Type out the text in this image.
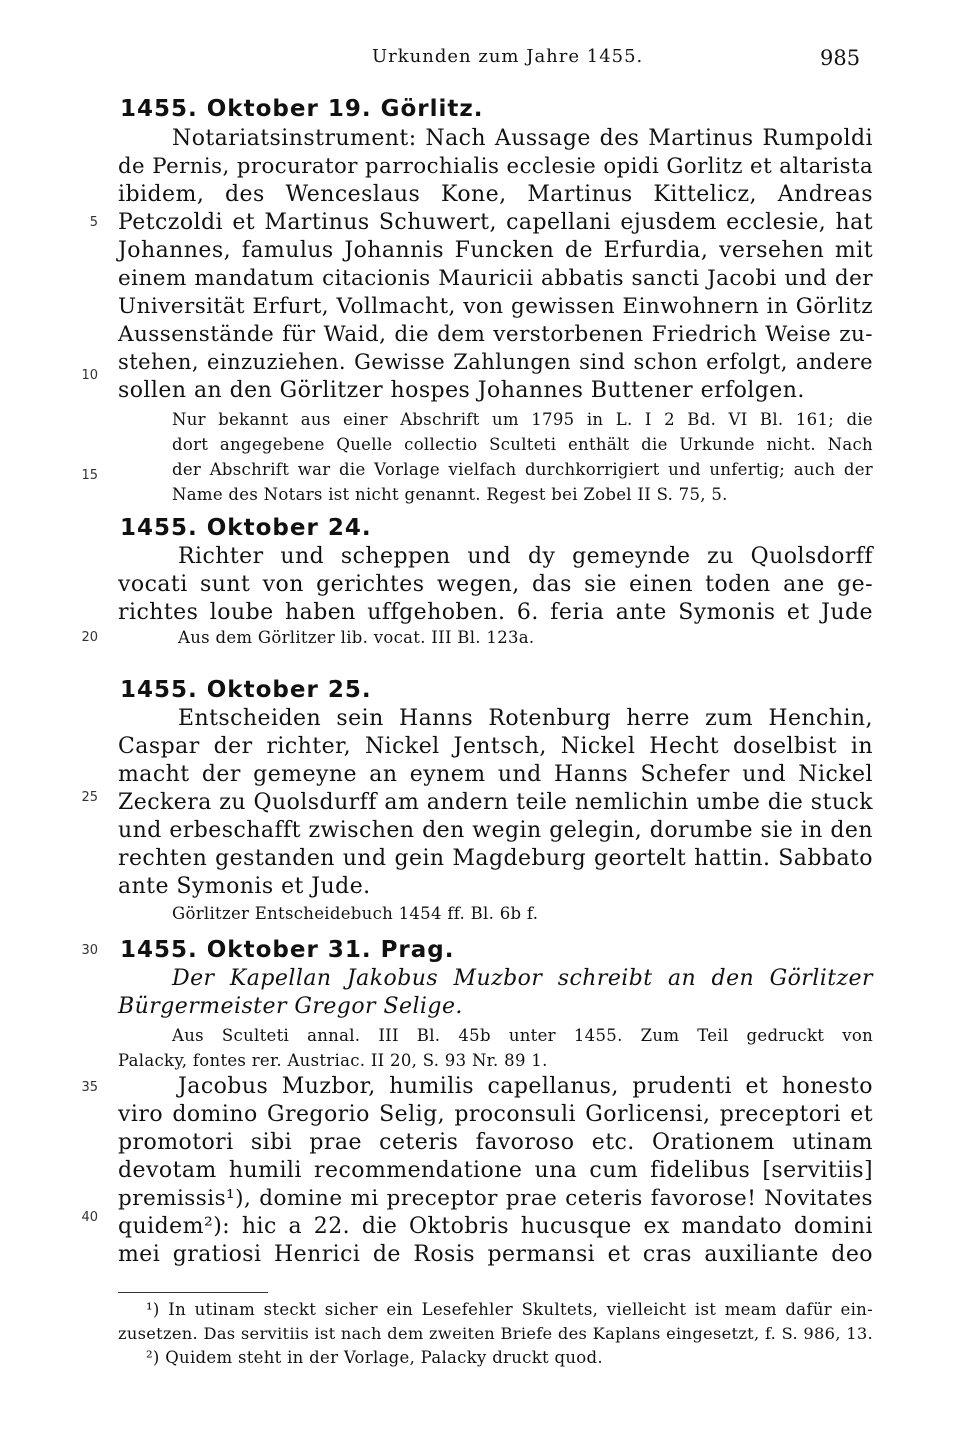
Urkunden zum Jahre 1455.	985
5
10
15
20
25
30
35
40
1455. Oktober 19. Görlitz.
Notariatsinstrument: Nach Aussage des Martinus Rumpoldi
de Pernis, procurator parrochialis ecclesie opidi Gorlitz et altarista
ibidem, des Wenceslaus Kone, Martinus Kittelicz, Andreas
Petczoldi et Martinus Schuwert, capellani ejusdem ecclesie, hat
Johannes, famulus Johannis Funcken de Erfurdia, versehen mit
einem mandatum citacionis Mauricii abbatis sancti Jacobi und der
Universität Erfurt, Vollmacht, von gewissen Einwohnern in Görlitz
Aussenstände für Waid, die dem verstorbenen Friedrich Weise zu-
stehen, einzuziehen. Gewisse Zahlungen sind schon erfolgt, andere
sollen an den Görlitzer hospes Johannes Buttener erfolgen.
Nur bekannt aus einer Abschrift um 1795 in L. I 2 Bd. VI Bl. 161; die
dort angegebene Quelle collectio Sculteti enthält die Urkunde nicht. Nach
der Abschrift war die Vorlage vielfach durchkorrigiert und unfertig; auch der
Name des Notars ist nicht genannt. Regest bei Zobel II S. 75, 5.
1455. Oktober 24.
Richter und scheppen und dy gemeynde zu Quolsdorff
vocati sunt von gerichtes wegen, das sie einen toden ane ge-
richtes loube haben uffgehoben. 6. feria ante Symonis et Jude
Aus dem Görlitzer lib. vocat. III Bl. 123a.
1455. Oktober 25.
Entscheiden sein Hanns Rotenburg herre zum Henchin,
Caspar der richter, Nickel Jentsch, Nickel Hecht doselbist in
macht der gemeyne an eynem und Hanns Schefer und Nickel
Zeckera zu Quolsdurff am andern teile nemlichin umbe die stuck
und erbeschafft zwischen den wegin gelegin, dorumbe sie in den
rechten gestanden und gein Magdeburg geortelt hattin. Sabbato
ante Symonis et Jude.
Görlitzer Entscheidebuch 1454 ff. Bl. 6b f.
1455. Oktober 31. Prag.
Der Kapellan Jakobus Muzbor schreibt an den Görlitzer
Bürgermeister Gregor Selige.
Aus Sculteti annal. III Bl. 45b unter 1455. Zum Teil gedruckt von
Palacky, fontes rer. Austriac. II 20, S. 93 Nr. 89 1.
Jacobus Muzbor, humilis capellanus, prudenti et honesto
viro domino Gregorio Selig, proconsuli Gorlicensi, preceptori et
promotori sibi prae ceteris favoroso etc. Orationem utinam
devotam humili recommendatione una cum fidelibus [servitiis]
premissis¹), domine mi preceptor prae ceteris favorose! Novitates
quidem²): hic a 22. die Oktobris hucusque ex mandato domini
mei gratiosi Henrici de Rosis permansi et cras auxiliante deo
¹) In utinam steckt sicher ein Lesefehler Skultets, vielleicht ist meam dafür ein-
zusetzen. Das servitiis ist nach dem zweiten Briefe des Kaplans eingesetzt, f. S. 986, 13.
²) Quidem steht in der Vorlage, Palacky druckt quod.
